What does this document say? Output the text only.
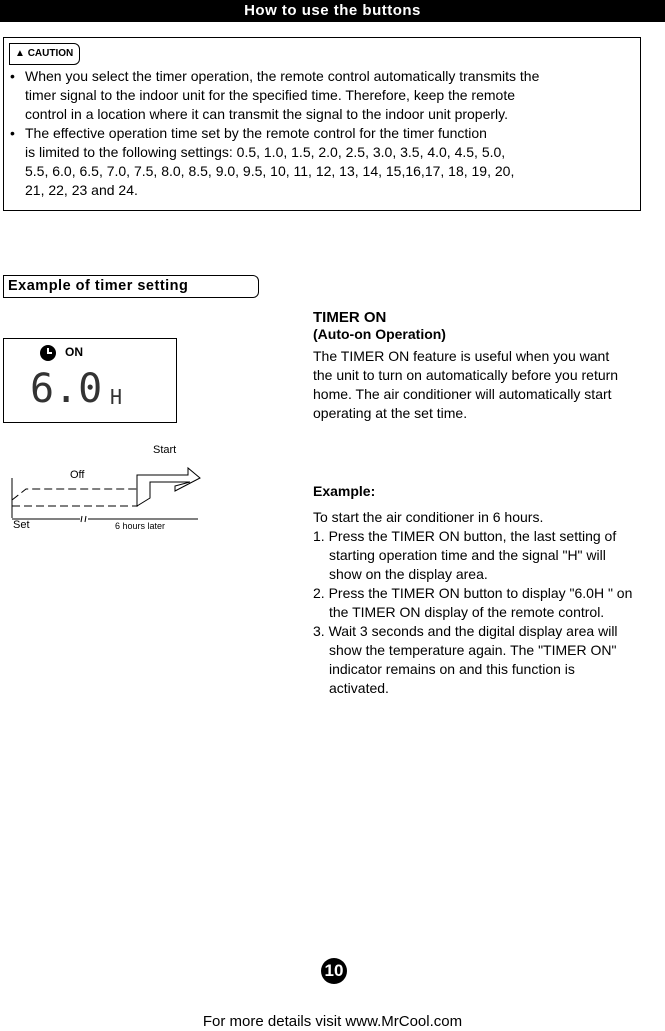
How to use the buttons
▲ CAUTION
• When you select the timer operation, the remote control automatically transmits the
timer signal to the indoor unit for the specified time. Therefore, keep the remote
control in a location where it can transmit the signal to the indoor unit properly.
• The effective operation time set by the remote control for the timer function
is limited to the following settings: 0.5, 1.0, 1.5, 2.0, 2.5, 3.0, 3.5, 4.0, 4.5, 5.0,
5.5, 6.0, 6.5, 7.0, 7.5, 8.0, 8.5, 9.0, 9.5, 10, 11, 12, 13, 14, 15,16,17, 18, 19, 20,
21, 22, 23 and 24.
Example of timer setting
ON
6.0 H
Start
Off
Set	6 hours later
TIMER ON
(Auto-on Operation)
The TIMER ON feature is useful when you want
the unit to turn on automatically before you return
home. The air conditioner will automatically start
operating at the set time.
Example:
To start the air conditioner in 6 hours.
1. Press the TIMER ON button, the last setting of starting operation time and the signal "H" will show on the display area.
2. Press the TIMER ON button to display "6.0H " on the TIMER ON display of the remote control.
3. Wait 3 seconds and the digital display area will show the temperature again. The "TIMER ON" indicator remains on and this function is activated.
10
For more details visit www.MrCool.com
